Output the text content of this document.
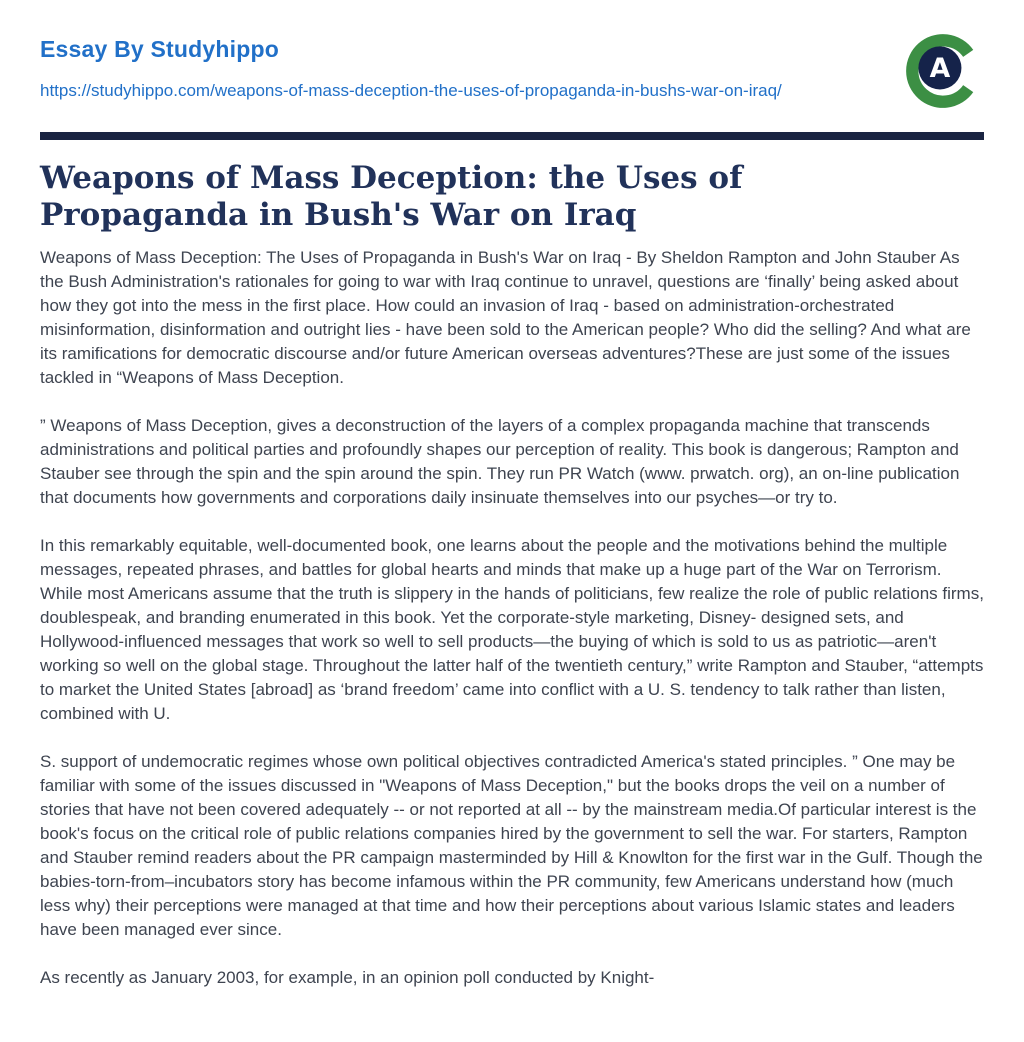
Essay By Studyhippo
https://studyhippo.com/weapons-of-mass-deception-the-uses-of-propaganda-in-bushs-war-on-iraq/
A
Weapons of Mass Deception: the Uses of Propaganda in Bush's War on Iraq

Weapons of Mass Deception: The Uses of Propaganda in Bush's War on Iraq - By Sheldon Rampton and John Stauber As the Bush Administration's rationales for going to war with Iraq continue to unravel, questions are ‘finally’ being asked about how they got into the mess in the first place. How could an invasion of Iraq - based on administration-orchestrated misinformation, disinformation and outright lies - have been sold to the American people? Who did the selling? And what are its ramifications for democratic discourse and/or future American overseas adventures?These are just some of the issues tackled in “Weapons of Mass Deception.

” Weapons of Mass Deception, gives a deconstruction of the layers of a complex propaganda machine that transcends administrations and political parties and profoundly shapes our perception of reality. This book is dangerous; Rampton and Stauber see through the spin and the spin around the spin. They run PR Watch (www. prwatch. org), an on-line publication that documents how governments and corporations daily insinuate themselves into our psyches—or try to.

In this remarkably equitable, well-documented book, one learns about the people and the motivations behind the multiple messages, repeated phrases, and battles for global hearts and minds that make up a huge part of the War on Terrorism. While most Americans assume that the truth is slippery in the hands of politicians, few realize the role of public relations firms, doublespeak, and branding enumerated in this book. Yet the corporate-style marketing, Disney- designed sets, and Hollywood-influenced messages that work so well to sell products—the buying of which is sold to us as patriotic—aren't working so well on the global stage. Throughout the latter half of the twentieth century,” write Rampton and Stauber, “attempts to market the United States [abroad] as ‘brand freedom’ came into conflict with a U. S. tendency to talk rather than listen, combined with U.

S. support of undemocratic regimes whose own political objectives contradicted America's stated principles. ” One may be familiar with some of the issues discussed in "Weapons of Mass Deception," but the books drops the veil on a number of stories that have not been covered adequately -- or not reported at all -- by the mainstream media.Of particular interest is the book's focus on the critical role of public relations companies hired by the government to sell the war. For starters, Rampton and Stauber remind readers about the PR campaign masterminded by Hill & Knowlton for the first war in the Gulf. Though the babies-torn-from–incubators story has become infamous within the PR community, few Americans understand how (much less why) their perceptions were managed at that time and how their perceptions about various Islamic states and leaders have been managed ever since.

As recently as January 2003, for example, in an opinion poll conducted by Knight-
